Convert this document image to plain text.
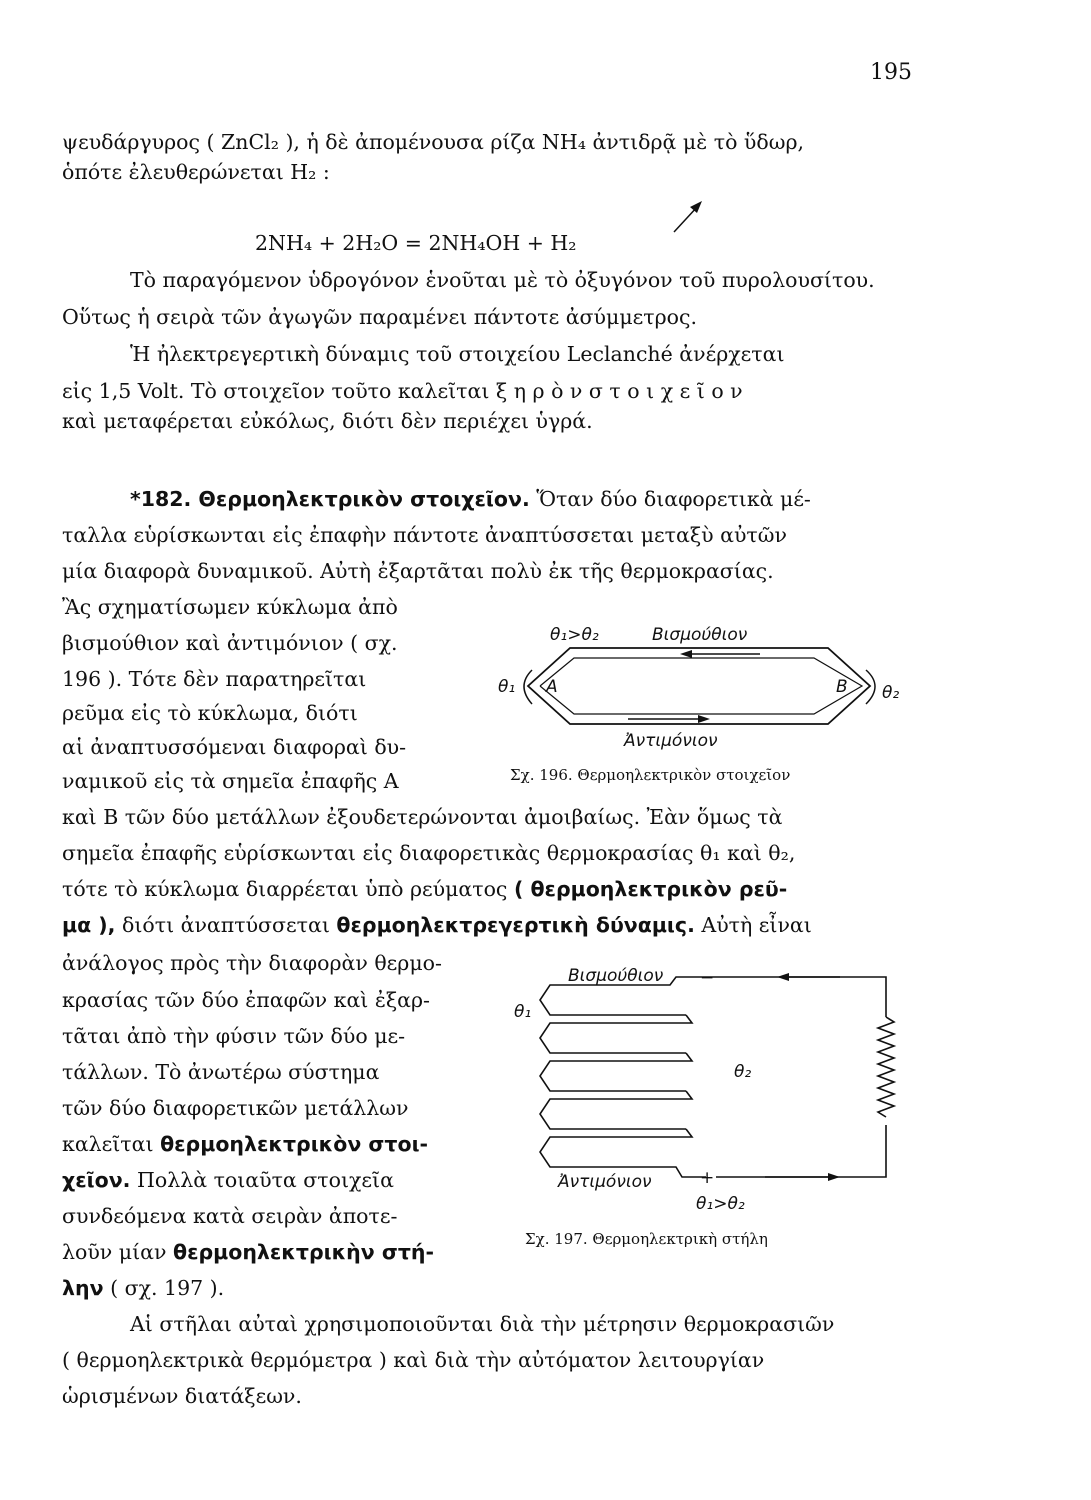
195
ψευδάργυρος ( ZnCl₂ ), ἡ δὲ ἀπομένουσα ρίζα NH₄ ἀντιδρᾷ μὲ τὸ ὕδωρ,
ὁπότε ἐλευθερώνεται H₂ :
2NH₄ + 2H₂O = 2NH₄OH + H₂
Τὸ παραγόμενον ὑδρογόνον ἑνοῦται μὲ τὸ ὀξυγόνον τοῦ πυρολουσίτου.
Οὕτως ἡ σειρὰ τῶν ἀγωγῶν παραμένει πάντοτε ἀσύμμετρος.
Ἡ ἠλεκτρεγερτικὴ δύναμις τοῦ στοιχείου Leclanché ἀνέρχεται
εἰς 1,5 Volt. Τὸ στοιχεῖον τοῦτο καλεῖται ξ η ρ ὸ ν σ τ ο ι χ ε ῖ ο ν
καὶ μεταφέρεται εὐκόλως, διότι δὲν περιέχει ὑγρά.
*182. Θερμοηλεκτρικὸν στοιχεῖον. Ὅταν δύο διαφορετικὰ μέ-
ταλλα εὑρίσκωνται εἰς ἐπαφὴν πάντοτε ἀναπτύσσεται μεταξὺ αὐτῶν
μία διαφορὰ δυναμικοῦ. Αὐτὴ ἐξαρτᾶται πολὺ ἐκ τῆς θερμοκρασίας.
Ἂς σχηματίσωμεν κύκλωμα ἀπὸ
βισμούθιον καὶ ἀντιμόνιον ( σχ.
196 ). Τότε δὲν παρατηρεῖται
ρεῦμα εἰς τὸ κύκλωμα, διότι
αἱ ἀναπτυσσόμεναι διαφοραὶ δυ-
ναμικοῦ εἰς τὰ σημεῖα ἐπαφῆς A
καὶ B τῶν δύο μετάλλων ἐξουδετερώνονται ἀμοιβαίως. Ἐὰν ὅμως τὰ
σημεῖα ἐπαφῆς εὑρίσκωνται εἰς διαφορετικὰς θερμοκρασίας θ₁ καὶ θ₂,
τότε τὸ κύκλωμα διαρρέεται ὑπὸ ρεύματος ( θερμοηλεκτρικὸν ρεῦ-
μα ), διότι ἀναπτύσσεται θερμοηλεκτρεγερτικὴ δύναμις. Αὐτὴ εἶναι
ἀνάλογος πρὸς τὴν διαφορὰν θερμο-
κρασίας τῶν δύο ἐπαφῶν καὶ ἐξαρ-
τᾶται ἀπὸ τὴν φύσιν τῶν δύο με-
τάλλων. Τὸ ἀνωτέρω σύστημα
τῶν δύο διαφορετικῶν μετάλλων
καλεῖται θερμοηλεκτρικὸν στοι-
χεῖον. Πολλὰ τοιαῦτα στοιχεῖα
συνδεόμενα κατὰ σειρὰν ἀποτε-
λοῦν μίαν θερμοηλεκτρικὴν στή-
λην ( σχ. 197 ).
Αἱ στῆλαι αὐταὶ χρησιμοποιοῦνται διὰ τὴν μέτρησιν θερμοκρασιῶν
( θερμοηλεκτρικὰ θερμόμετρα ) καὶ διὰ τὴν αὐτόματον λειτουργίαν
ὡρισμένων διατάξεων.
θ₁>θ₂	Βισμούθιον
θ₁	θ₂
A	B
Ἀντιμόνιον
Σχ. 196. Θερμοηλεκτρικὸν στοιχεῖον
Βισμούθιον
θ₁
θ₂
Ἀντιμόνιον
θ₁>θ₂
+
−
Σχ. 197. Θερμοηλεκτρικὴ στήλη
